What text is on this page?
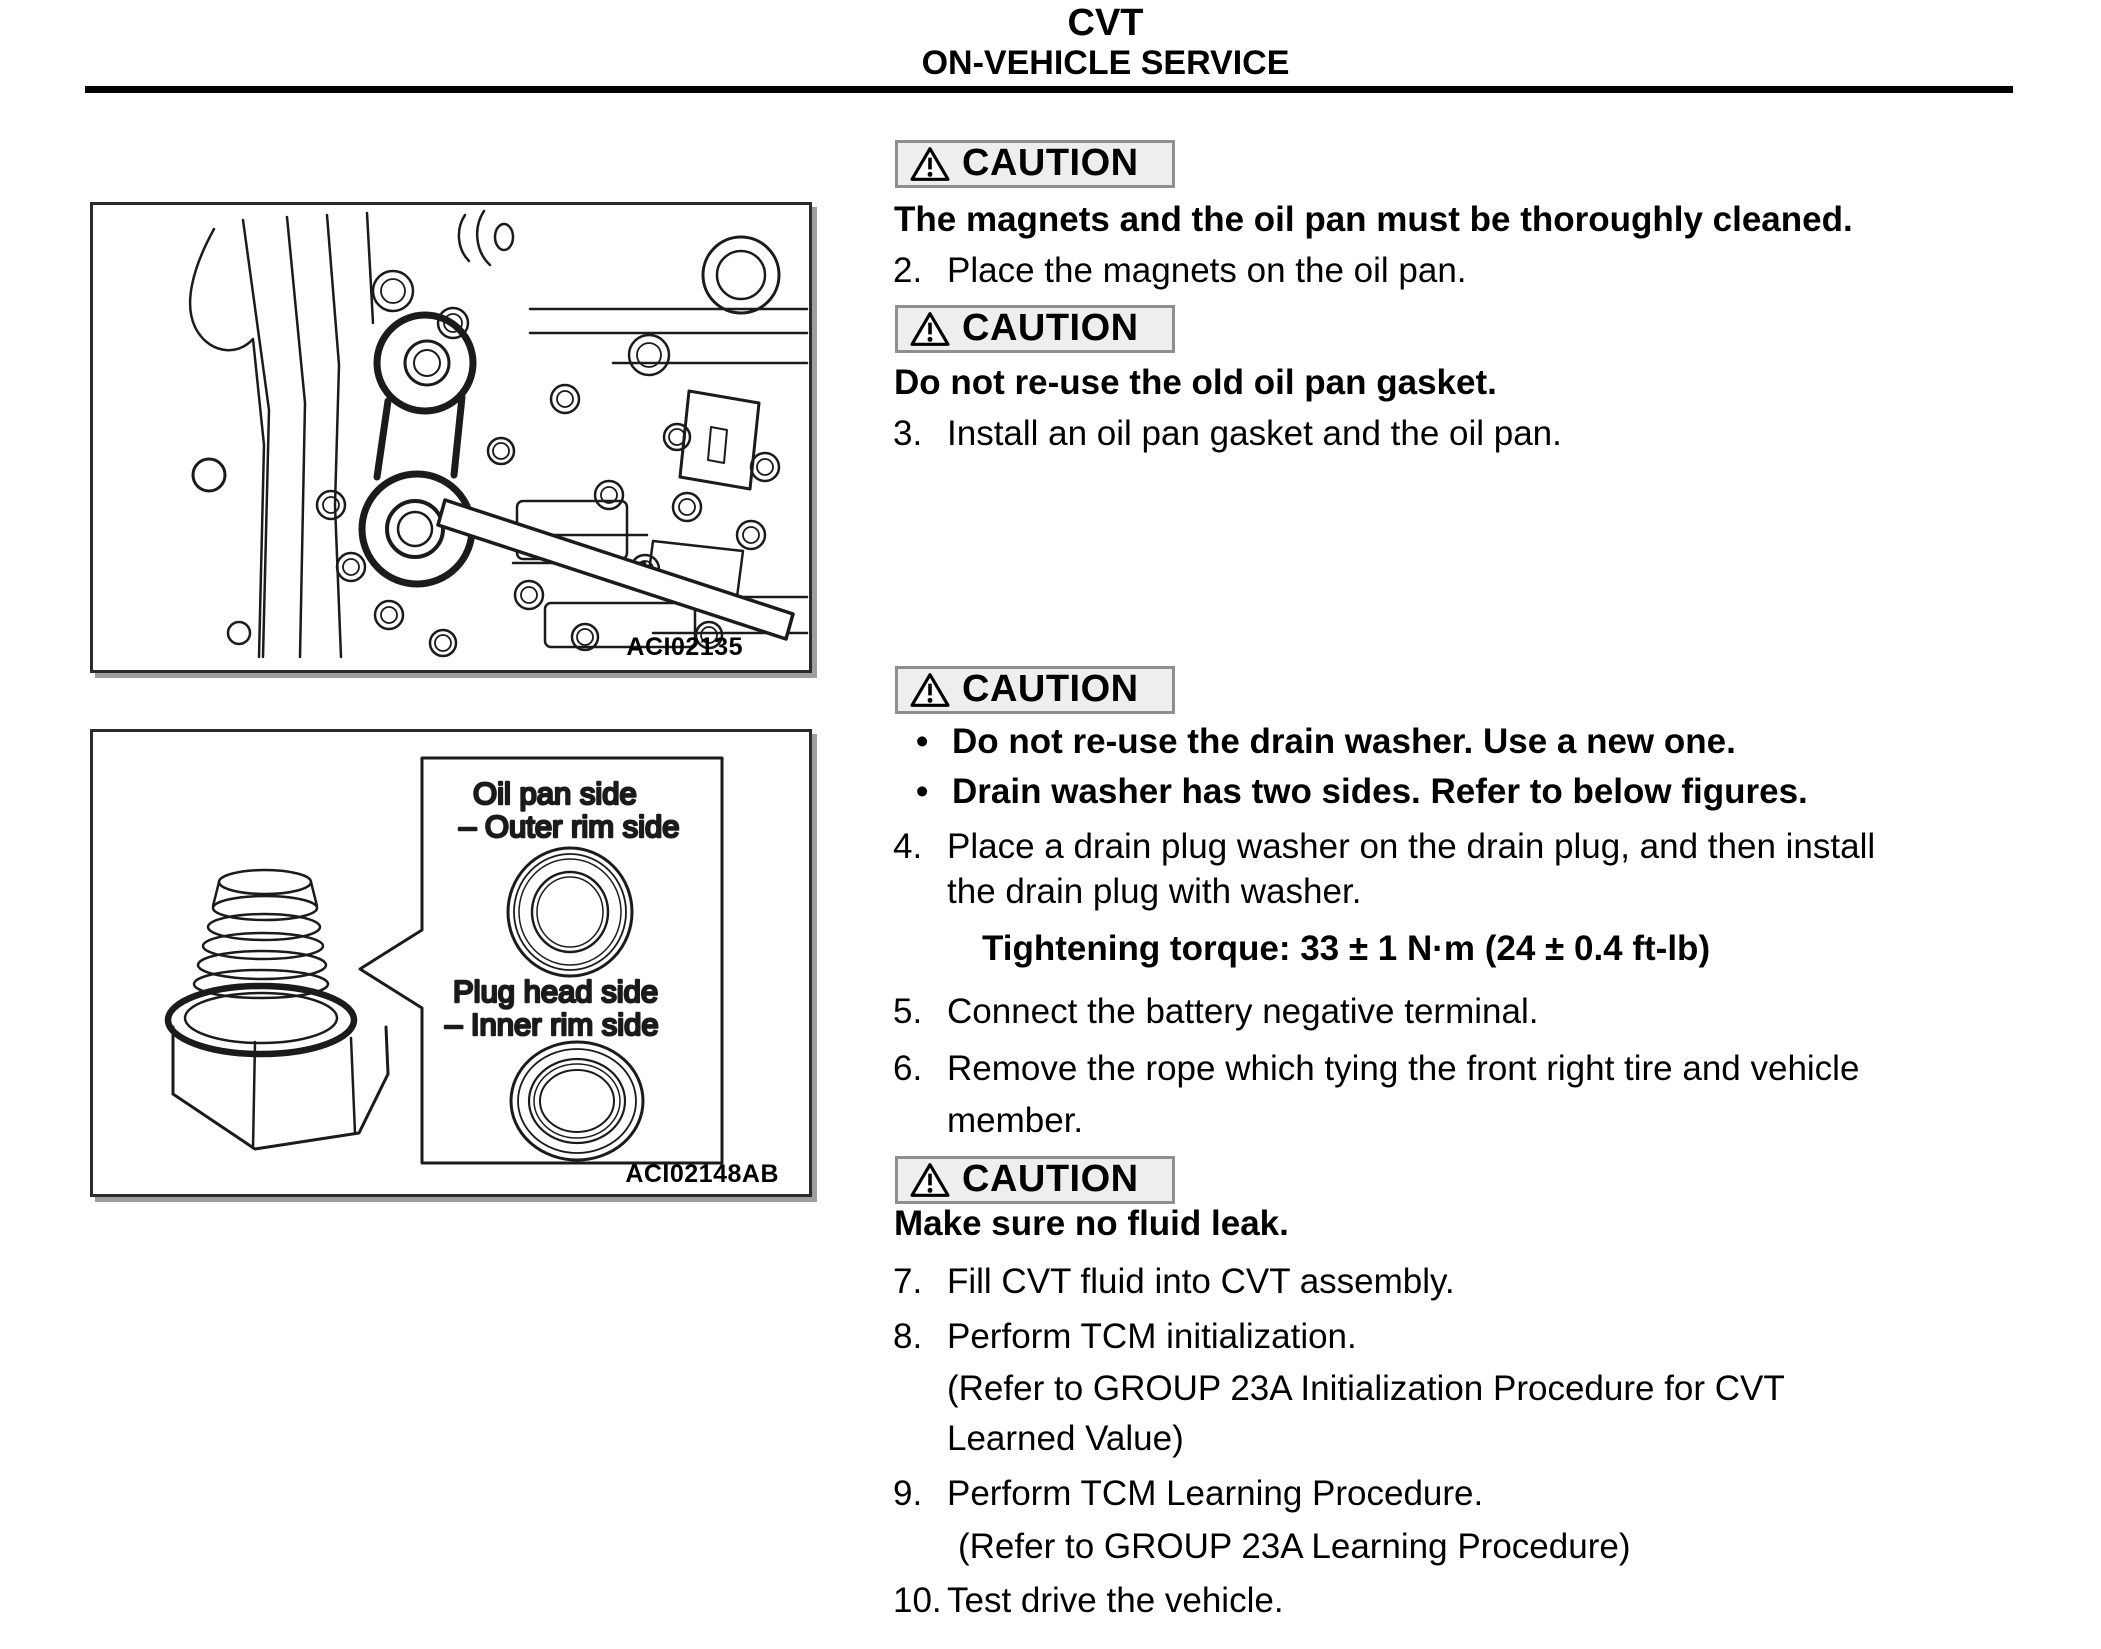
CVT
ON-VEHICLE SERVICE
ACI02135
Oil pan side
– Outer rim side
Plug head side
– Inner rim side
ACI02148AB
CAUTION
The magnets and the oil pan must be thoroughly cleaned.
2. Place the magnets on the oil pan.
CAUTION
Do not re-use the old oil pan gasket.
3. Install an oil pan gasket and the oil pan.
CAUTION
• Do not re-use the drain washer. Use a new one.
• Drain washer has two sides. Refer to below figures.
4. Place a drain plug washer on the drain plug, and then install
the drain plug with washer.
Tightening torque: 33 ± 1 N·m (24 ± 0.4 ft-lb)
5. Connect the battery negative terminal.
6. Remove the rope which tying the front right tire and vehicle
member.
CAUTION
Make sure no fluid leak.
7. Fill CVT fluid into CVT assembly.
8. Perform TCM initialization.
(Refer to GROUP 23A Initialization Procedure for CVT
Learned Value)
9. Perform TCM Learning Procedure.
(Refer to GROUP 23A Learning Procedure)
10. Test drive the vehicle.
